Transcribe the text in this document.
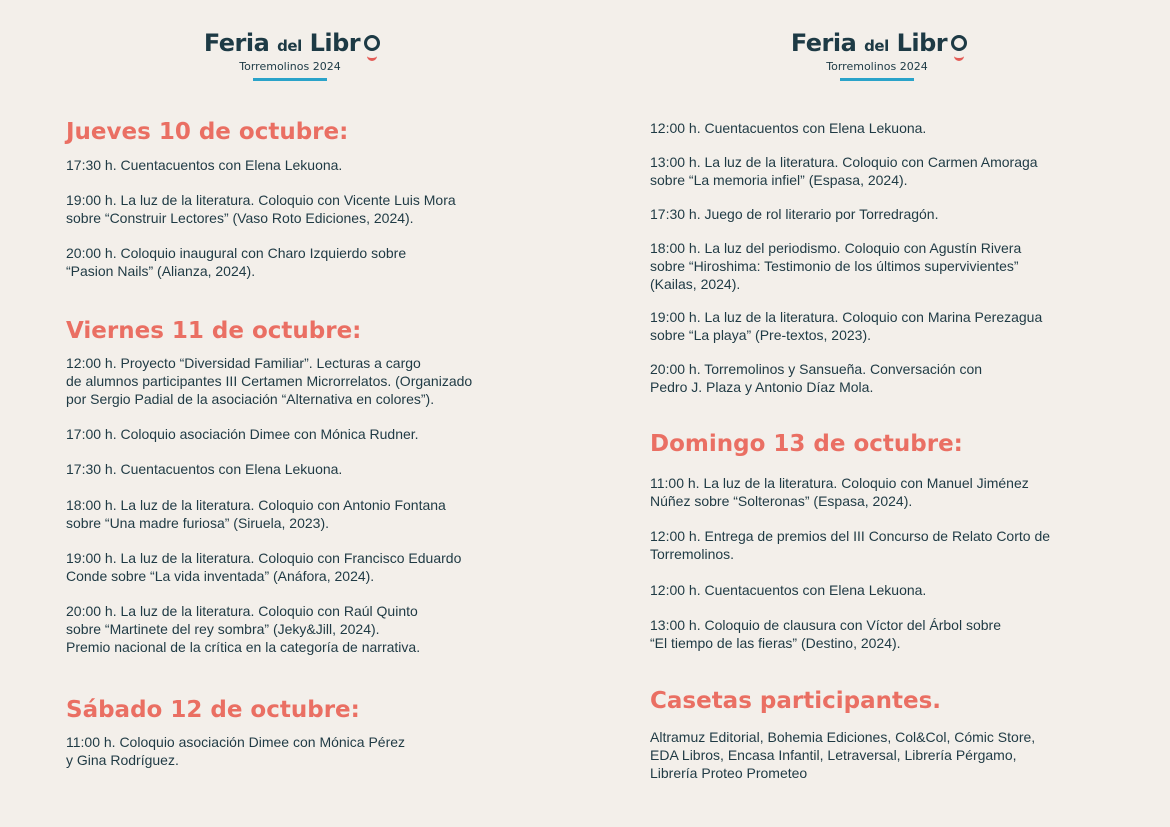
Feria del Libr
Torremolinos 2024
Jueves 10 de octubre:

17:30 h. Cuentacuentos con Elena Lekuona.

19:00 h. La luz de la literatura. Coloquio con Vicente Luis Mora
sobre “Construir Lectores” (Vaso Roto Ediciones, 2024).

20:00 h. Coloquio inaugural con Charo Izquierdo sobre
“Pasion Nails” (Alianza, 2024).

Viernes 11 de octubre:

12:00 h. Proyecto “Diversidad Familiar”. Lecturas a cargo
de alumnos participantes III Certamen Microrrelatos. (Organizado
por Sergio Padial de la asociación “Alternativa en colores”).

17:00 h. Coloquio asociación Dimee con Mónica Rudner.

17:30 h. Cuentacuentos con Elena Lekuona.

18:00 h. La luz de la literatura. Coloquio con Antonio Fontana
sobre “Una madre furiosa” (Siruela, 2023).

19:00 h. La luz de la literatura. Coloquio con Francisco Eduardo
Conde sobre “La vida inventada” (Anáfora, 2024).

20:00 h. La luz de la literatura. Coloquio con Raúl Quinto
sobre “Martinete del rey sombra” (Jeky&Jill, 2024).
Premio nacional de la crítica en la categoría de narrativa.

Sábado 12 de octubre:

11:00 h. Coloquio asociación Dimee con Mónica Pérez
y Gina Rodríguez.

Feria del Libr
Torremolinos 2024

12:00 h. Cuentacuentos con Elena Lekuona.

13:00 h. La luz de la literatura. Coloquio con Carmen Amoraga
sobre “La memoria infiel” (Espasa, 2024).

17:30 h. Juego de rol literario por Torredragón.

18:00 h. La luz del periodismo. Coloquio con Agustín Rivera
sobre “Hiroshima: Testimonio de los últimos supervivientes”
(Kailas, 2024).

19:00 h. La luz de la literatura. Coloquio con Marina Perezagua
sobre “La playa” (Pre-textos, 2023).

20:00 h. Torremolinos y Sansueña. Conversación con
Pedro J. Plaza y Antonio Díaz Mola.

Domingo 13 de octubre:

11:00 h. La luz de la literatura. Coloquio con Manuel Jiménez
Núñez sobre “Solteronas” (Espasa, 2024).

12:00 h. Entrega de premios del III Concurso de Relato Corto de
Torremolinos.

12:00 h. Cuentacuentos con Elena Lekuona.

13:00 h. Coloquio de clausura con Víctor del Árbol sobre
“El tiempo de las fieras” (Destino, 2024).

Casetas participantes.

Altramuz Editorial, Bohemia Ediciones, Col&Col, Cómic Store,
EDA Libros, Encasa Infantil, Letraversal, Librería Pérgamo,
Librería Proteo Prometeo
